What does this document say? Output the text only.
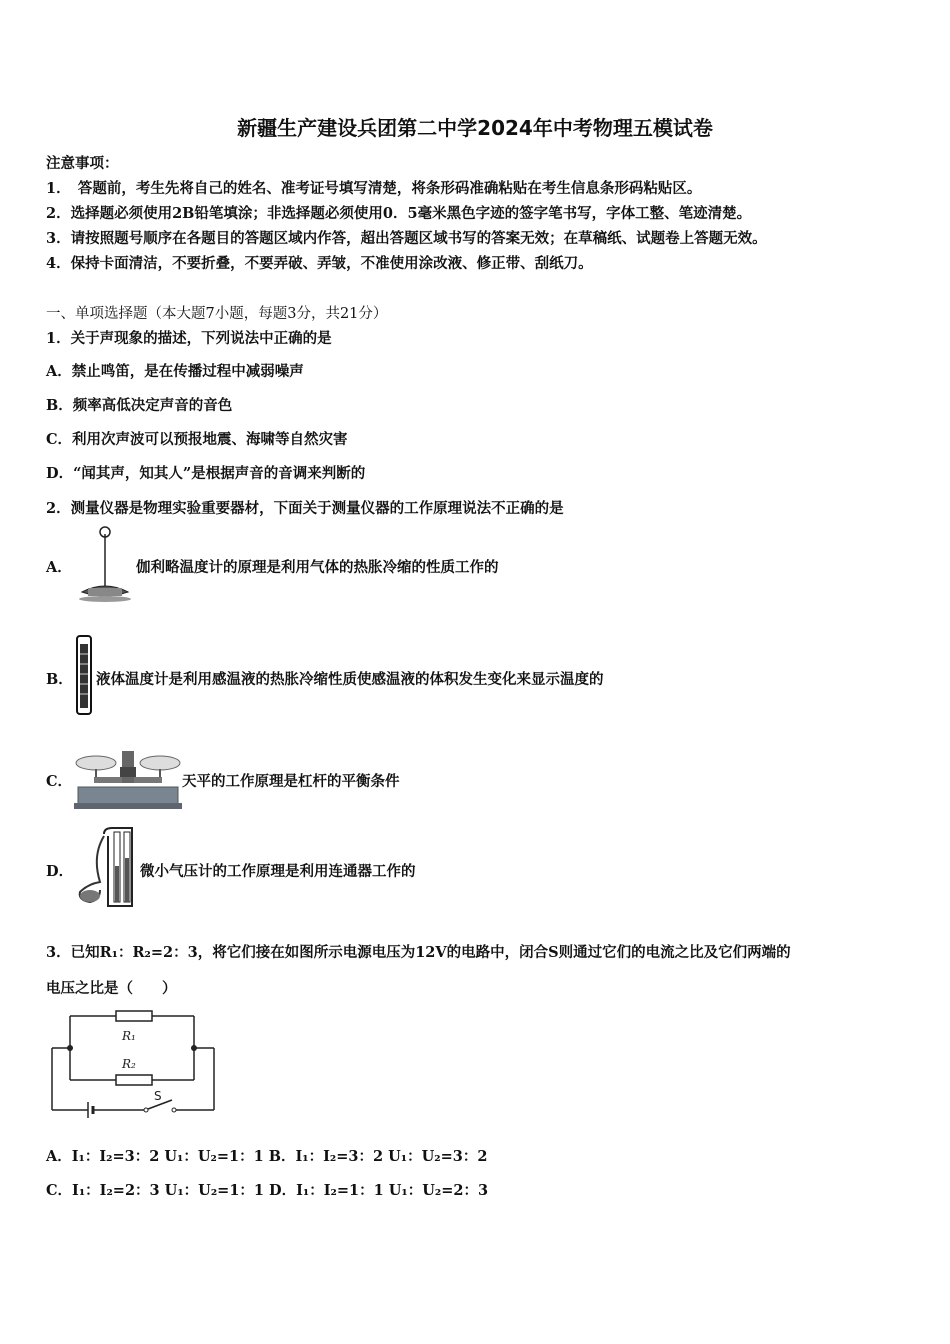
新疆生产建设兵团第二中学2024年中考物理五模试卷
注意事项：
1．　答题前，考生先将自己的姓名、准考证号填写清楚，将条形码准确粘贴在考生信息条形码粘贴区。
2．选择题必须使用2B铅笔填涂；非选择题必须使用0．5毫米黑色字迹的签字笔书写，字体工整、笔迹清楚。
3．请按照题号顺序在各题目的答题区域内作答，超出答题区域书写的答案无效；在草稿纸、试题卷上答题无效。
4．保持卡面清洁，不要折叠，不要弄破、弄皱，不准使用涂改液、修正带、刮纸刀。
一、单项选择题（本大题7小题，每题3分，共21分）
1．关于声现象的描述，下列说法中正确的是
A．禁止鸣笛，是在传播过程中减弱噪声
B．频率高低决定声音的音色
C．利用次声波可以预报地震、海啸等自然灾害
D．“闻其声，知其人”是根据声音的音调来判断的
2．测量仪器是物理实验重要器材，下面关于测量仪器的工作原理说法不正确的是
A．	伽利略温度计的原理是利用气体的热胀冷缩的性质工作的
B． 液体温度计是利用感温液的热胀冷缩性质使感温液的体积发生变化来显示温度的
C．	天平的工作原理是杠杆的平衡条件
D．	微小气压计的工作原理是利用连通器工作的
3．已知R₁：R₂=2：3，将它们接在如图所示电源电压为12V的电路中，闭合S则通过它们的电流之比及它们两端的
电压之比是（　　）
R₁
R₂
S
A．I₁：I₂=3：2 U₁：U₂=1：1 B．I₁：I₂=3：2 U₁：U₂=3：2
C．I₁：I₂=2：3 U₁：U₂=1：1 D．I₁：I₂=1：1 U₁：U₂=2：3
